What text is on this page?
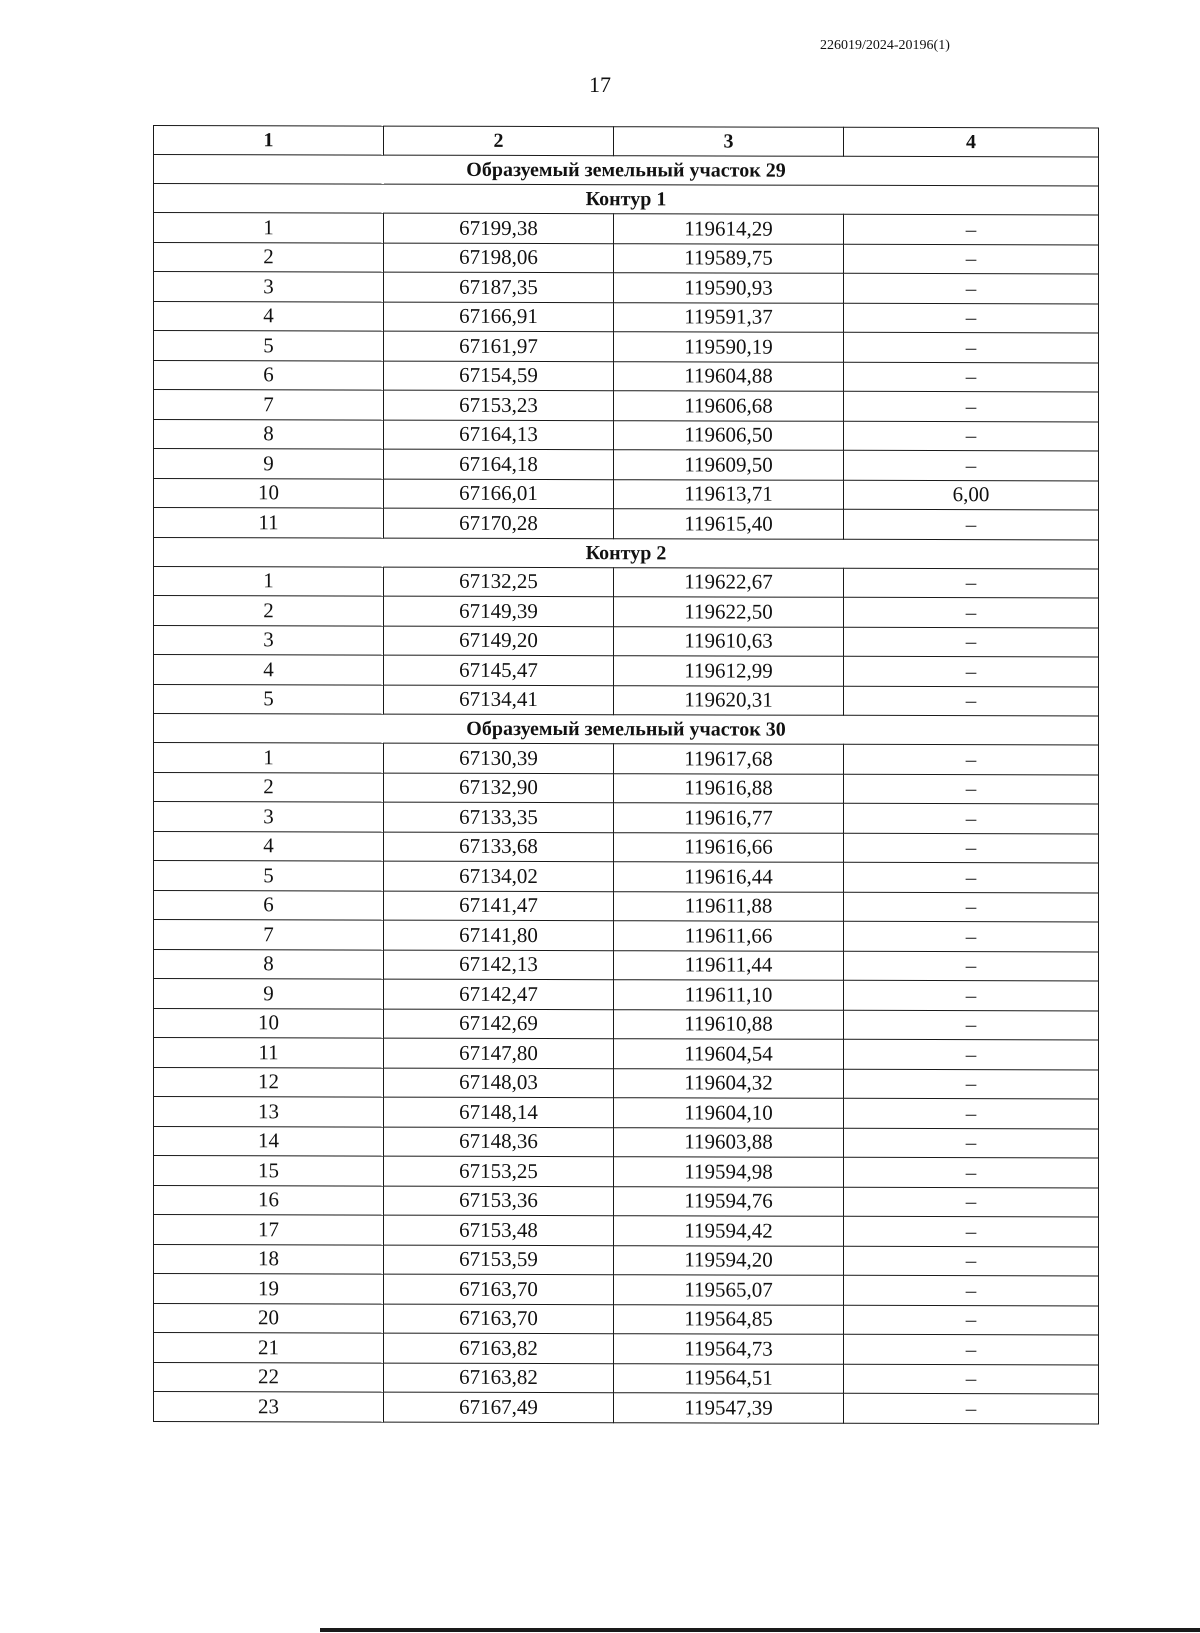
226019/2024-20196(1)
17
1	2	3	4
Образуемый земельный участок 29			
Контур 1			
1	67199,38	119614,29	–
2	67198,06	119589,75	–
3	67187,35	119590,93	–
4	67166,91	119591,37	–
5	67161,97	119590,19	–
6	67154,59	119604,88	–
7	67153,23	119606,68	–
8	67164,13	119606,50	–
9	67164,18	119609,50	–
10	67166,01	119613,71	6,00
11	67170,28	119615,40	–
Контур 2			
1	67132,25	119622,67	–
2	67149,39	119622,50	–
3	67149,20	119610,63	–
4	67145,47	119612,99	–
5	67134,41	119620,31	–
Образуемый земельный участок 30			
1	67130,39	119617,68	–
2	67132,90	119616,88	–
3	67133,35	119616,77	–
4	67133,68	119616,66	–
5	67134,02	119616,44	–
6	67141,47	119611,88	–
7	67141,80	119611,66	–
8	67142,13	119611,44	–
9	67142,47	119611,10	–
10	67142,69	119610,88	–
11	67147,80	119604,54	–
12	67148,03	119604,32	–
13	67148,14	119604,10	–
14	67148,36	119603,88	–
15	67153,25	119594,98	–
16	67153,36	119594,76	–
17	67153,48	119594,42	–
18	67153,59	119594,20	–
19	67163,70	119565,07	–
20	67163,70	119564,85	–
21	67163,82	119564,73	–
22	67163,82	119564,51	–
23	67167,49	119547,39	–
